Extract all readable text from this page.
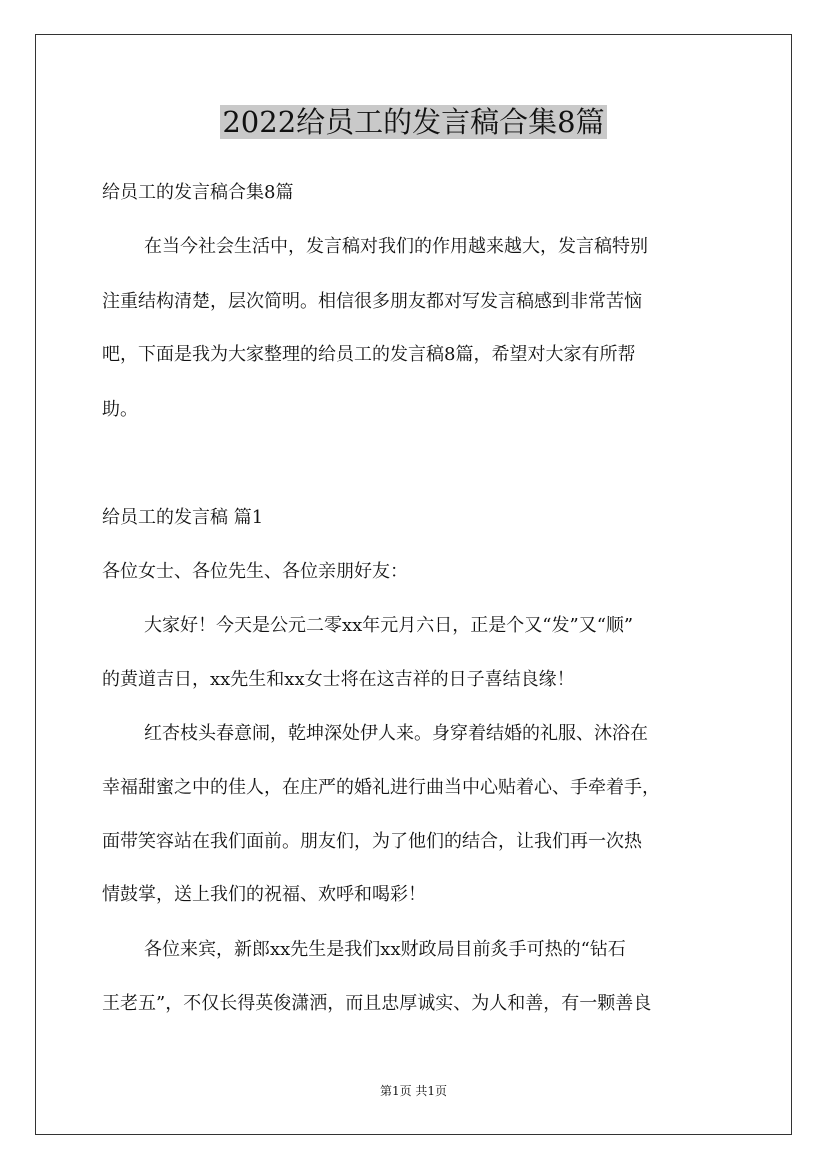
2022给员工的发言稿合集8篇
给员工的发言稿合集8篇
在当今社会生活中，发言稿对我们的作用越来越大，发言稿特别
注重结构清楚，层次简明。相信很多朋友都对写发言稿感到非常苦恼
吧，下面是我为大家整理的给员工的发言稿8篇，希望对大家有所帮
助。
给员工的发言稿 篇1
各位女士、各位先生、各位亲朋好友：
大家好！今天是公元二零xx年元月六日，正是个又“发”又“顺”
的黄道吉日，xx先生和xx女士将在这吉祥的日子喜结良缘！
红杏枝头春意闹，乾坤深处伊人来。身穿着结婚的礼服、沐浴在
幸福甜蜜之中的佳人，在庄严的婚礼进行曲当中心贴着心、手牵着手，
面带笑容站在我们面前。朋友们，为了他们的结合，让我们再一次热
情鼓掌，送上我们的祝福、欢呼和喝彩！
各位来宾，新郎xx先生是我们xx财政局目前炙手可热的“钻石
王老五”，不仅长得英俊潇洒，而且忠厚诚实、为人和善，有一颗善良
第1页 共1页
